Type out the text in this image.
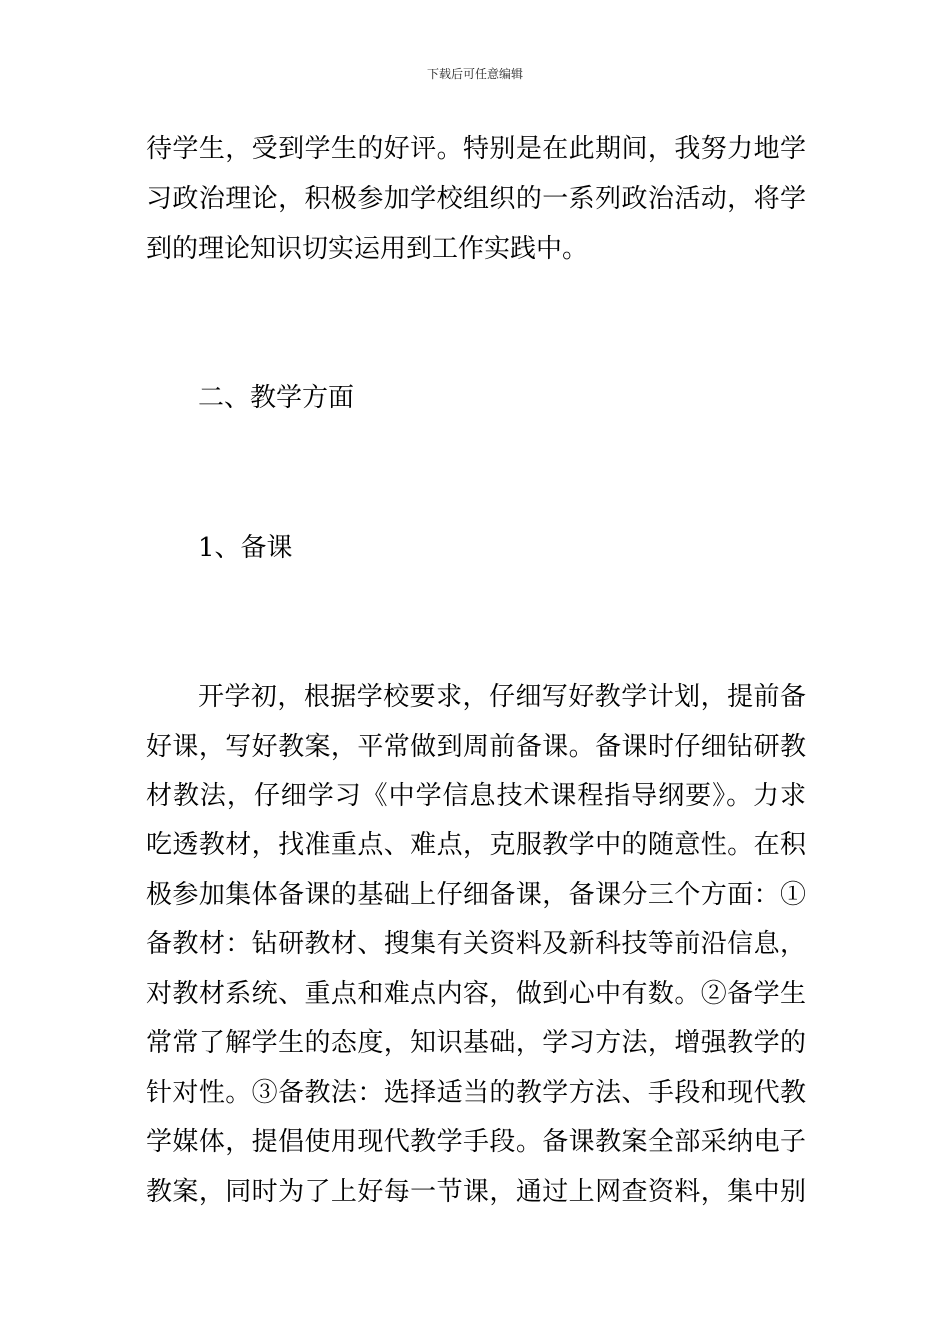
下载后可任意编辑
待学生，受到学生的好评。特别是在此期间，我努力地学
习政治理论，积极参加学校组织的一系列政治活动，将学
到的理论知识切实运用到工作实践中。
二、教学方面
1、备课
开学初，根据学校要求，仔细写好教学计划，提前备
好课，写好教案，平常做到周前备课。备课时仔细钻研教
材教法，仔细学习《中学信息技术课程指导纲要》。力求
吃透教材，找准重点、难点，克服教学中的随意性。在积
极参加集体备课的基础上仔细备课，备课分三个方面：①
备教材：钻研教材、搜集有关资料及新科技等前沿信息，
对教材系统、重点和难点内容，做到心中有数。②备学生
常常了解学生的态度，知识基础，学习方法，增强教学的
针对性。③备教法：选择适当的教学方法、手段和现代教
学媒体，提倡使用现代教学手段。备课教案全部采纳电子
教案，同时为了上好每一节课，通过上网查资料，集中别
